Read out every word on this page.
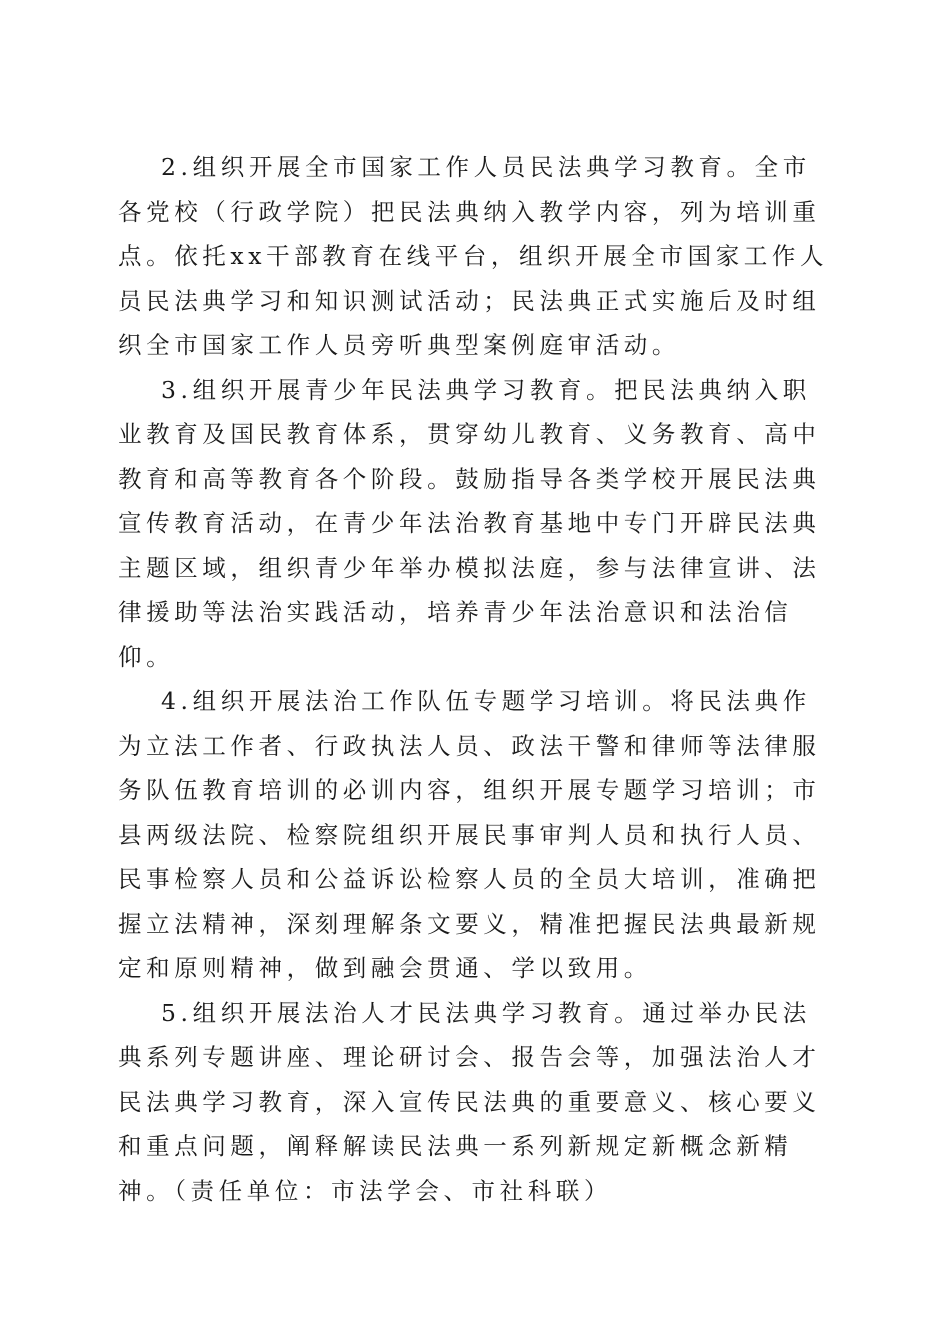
2.组织开展全市国家工作人员民法典学习教育。全市各党校（行政学院）把民法典纳入教学内容，列为培训重点。依托xx干部教育在线平台，组织开展全市国家工作人员民法典学习和知识测试活动；民法典正式实施后及时组织全市国家工作人员旁听典型案例庭审活动。

3.组织开展青少年民法典学习教育。把民法典纳入职业教育及国民教育体系，贯穿幼儿教育、义务教育、高中教育和高等教育各个阶段。鼓励指导各类学校开展民法典宣传教育活动，在青少年法治教育基地中专门开辟民法典主题区域，组织青少年举办模拟法庭，参与法律宣讲、法律援助等法治实践活动，培养青少年法治意识和法治信仰。

4.组织开展法治工作队伍专题学习培训。将民法典作为立法工作者、行政执法人员、政法干警和律师等法律服务队伍教育培训的必训内容，组织开展专题学习培训；市县两级法院、检察院组织开展民事审判人员和执行人员、民事检察人员和公益诉讼检察人员的全员大培训，准确把握立法精神，深刻理解条文要义，精准把握民法典最新规定和原则精神，做到融会贯通、学以致用。

5.组织开展法治人才民法典学习教育。通过举办民法典系列专题讲座、理论研讨会、报告会等，加强法治人才民法典学习教育，深入宣传民法典的重要意义、核心要义和重点问题，阐释解读民法典一系列新规定新概念新精神。（责任单位：市法学会、市社科联）
